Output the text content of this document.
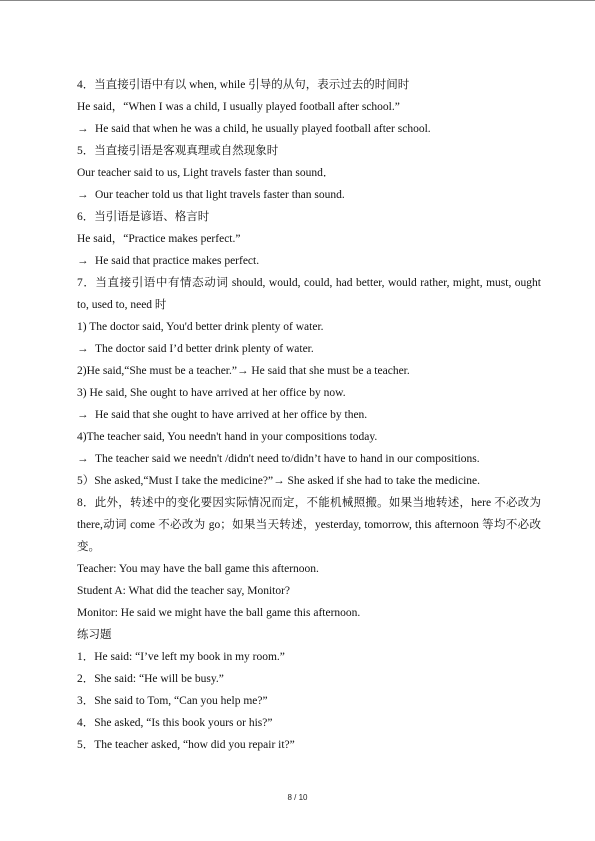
4．当直接引语中有以 when, while 引导的从句，表示过去的时间时
He said，“When I was a child, I usually played football after school.”
→ He said that when he was a child, he usually played football after school.
5．当直接引语是客观真理或自然现象时
Our teacher said to us, Light travels faster than sound．
→ Our teacher told us that light travels faster than sound.
6．当引语是谚语、格言时
He said，“Practice makes perfect.”
→ He said that practice makes perfect.
7．当直接引语中有情态动词 should, would, could, had better, would rather, might, must, ought to, used to, need 时
1) The doctor said, You'd better drink plenty of water.
→ The doctor said I’d better drink plenty of water.
2)He said,“She must be a teacher.”→ He said that she must be a teacher.
3) He said, She ought to have arrived at her office by now.
→ He said that she ought to have arrived at her office by then.
4)The teacher said, You needn't hand in your compositions today.
→ The teacher said we needn't /didn't need to/didn’t have to hand in our compositions.
5）She asked,“Must I take the medicine?”→ She asked if she had to take the medicine.
8．此外，转述中的变化要因实际情况而定，不能机械照搬。如果当地转述，here 不必改为 there,动词 come 不必改为 go；如果当天转述，yesterday, tomorrow, this afternoon 等均不必改变。
Teacher: You may have the ball game this afternoon.
Student A: What did the teacher say, Monitor?
Monitor: He said we might have the ball game this afternoon.
练习题
1．He said: “I’ve left my book in my room.”
2．She said: “He will be busy.”
3．She said to Tom, “Can you help me?”
4．She asked, “Is this book yours or his?”
5．The teacher asked, “how did you repair it?”
8 / 10
